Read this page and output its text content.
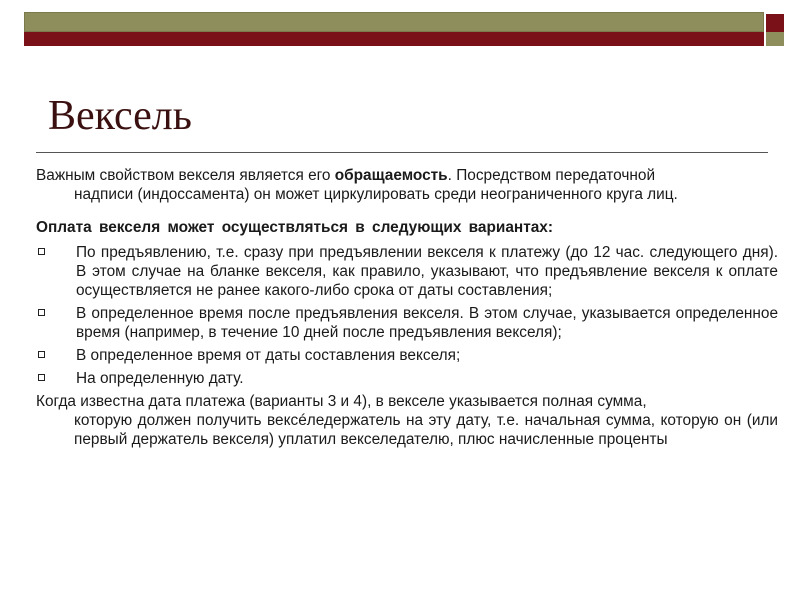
Вексель

Важным свойством векселя является его обращаемость. Посредством передаточной
надписи (индоссамента) он может циркулировать среди неограниченного круга лиц.

Оплата векселя может осуществляться в следующих вариантах:

По предъявлению, т.е. сразу при предъявлении векселя к платежу (до 12 час. следующего дня). В этом случае на бланке векселя, как правило, указывают, что предъявление векселя к оплате осуществляется не ранее какого-либо срока от даты составления;
В определенное время после предъявления векселя. В этом случае, указывается определенное время (например, в течение 10 дней после предъявления векселя);
В определенное время от даты составления векселя;
На определенную дату.

Когда известна дата платежа (варианты 3 и 4), в векселе указывается полная сумма,
которую должен получить вексéледержатель на эту дату, т.е. начальная сумма, которую он (или первый держатель векселя) уплатил векселедателю, плюс начисленные проценты
